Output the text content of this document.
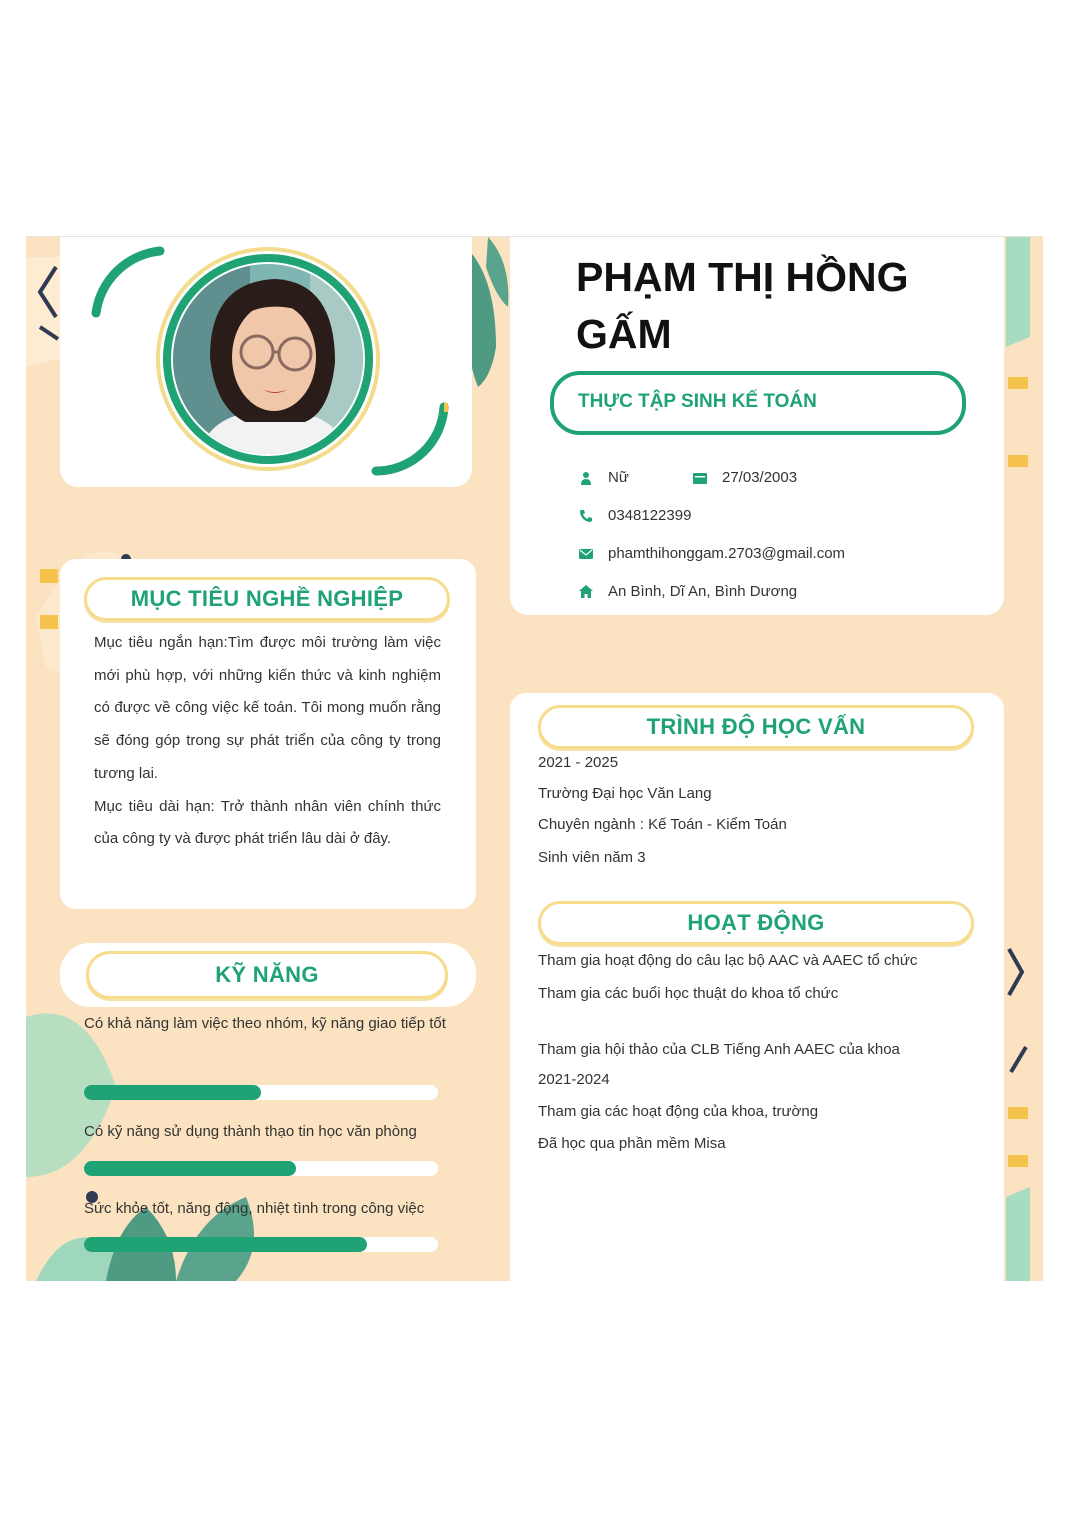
PHẠM THỊ HỒNG
GẤM
THỰC TẬP SINH KẾ TOÁN
Nữ	27/03/2003
0348122399
phamthihonggam.2703@gmail.com
An Bình, Dĩ An, Bình Dương
MỤC TIÊU NGHỀ NGHIỆP

Mục tiêu ngắn hạn:Tìm được môi trường làm việc mới phù hợp, với những kiến thức và kinh nghiệm có được về công việc kế toán. Tôi mong muốn rằng sẽ đóng góp trong sự phát triển của công ty trong tương lai.

Mục tiêu dài hạn: Trở thành nhân viên chính thức của công ty và được phát triển lâu dài ở đây.

KỸ NĂNG
Có khả năng làm việc theo nhóm, kỹ năng giao tiếp tốt
Có kỹ năng sử dụng thành thạo tin học văn phòng
Sức khỏe tốt, năng động, nhiệt tình trong công việc
TRÌNH ĐỘ HỌC VẤN
2021 - 2025
Trường Đại học Văn Lang
Chuyên ngành : Kế Toán - Kiểm Toán
Sinh viên năm 3
HOẠT ĐỘNG
Tham gia hoạt động do câu lạc bộ AAC và AAEC tổ chức
Tham gia các buổi học thuật do khoa tổ chức
Tham gia hội thảo của CLB Tiếng Anh AAEC của khoa
2021-2024
Tham gia các hoạt động của khoa, trường
Đã học qua phần mềm Misa
